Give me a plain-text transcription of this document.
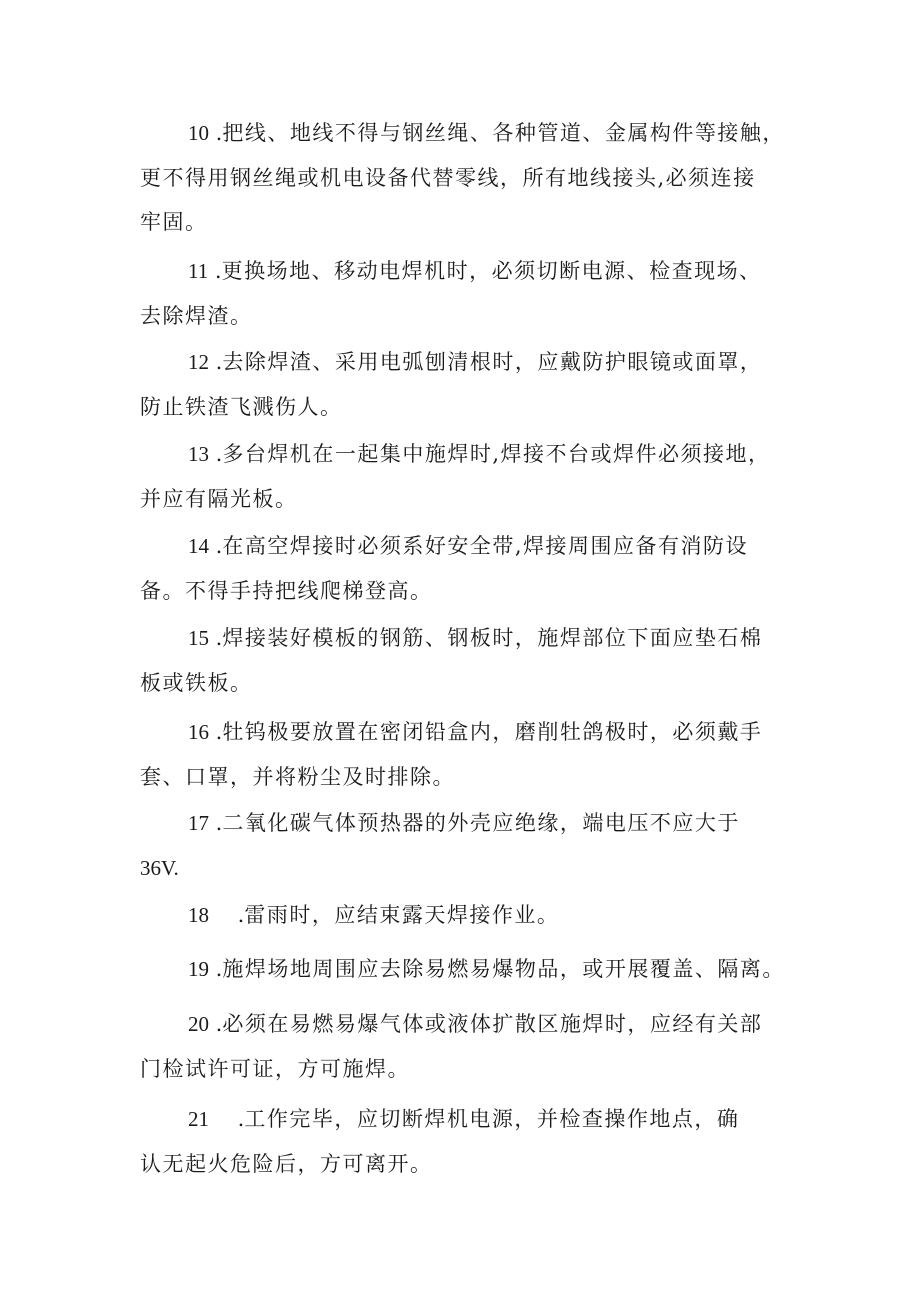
10 .把线、地线不得与钢丝绳、各种管道、金属构件等接触，
更不得用钢丝绳或机电设备代替零线，所有地线接头,必须连接
牢固。

11 .更换场地、移动电焊机时，必须切断电源、检查现场、
去除焊渣。

12 .去除焊渣、采用电弧刨清根时，应戴防护眼镜或面罩，
防止铁渣飞溅伤人。

13 .多台焊机在一起集中施焊时,焊接不台或焊件必须接地，
并应有隔光板。

14 .在高空焊接时必须系好安全带,焊接周围应备有消防设
备。不得手持把线爬梯登高。

15 .焊接装好模板的钢筋、钢板时，施焊部位下面应垫石棉
板或铁板。

16 .牡钨极要放置在密闭铅盒内，磨削牡鸽极时，必须戴手
套、口罩，并将粉尘及时排除。

17 .二氧化碳气体预热器的外壳应绝缘，端电压不应大于
36V.

18 .雷雨时，应结束露天焊接作业。

19 .施焊场地周围应去除易燃易爆物品，或开展覆盖、隔离。

20 .必须在易燃易爆气体或液体扩散区施焊时，应经有关部
门检试许可证，方可施焊。

21 .工作完毕，应切断焊机电源，并检查操作地点，确
认无起火危险后，方可离开。
